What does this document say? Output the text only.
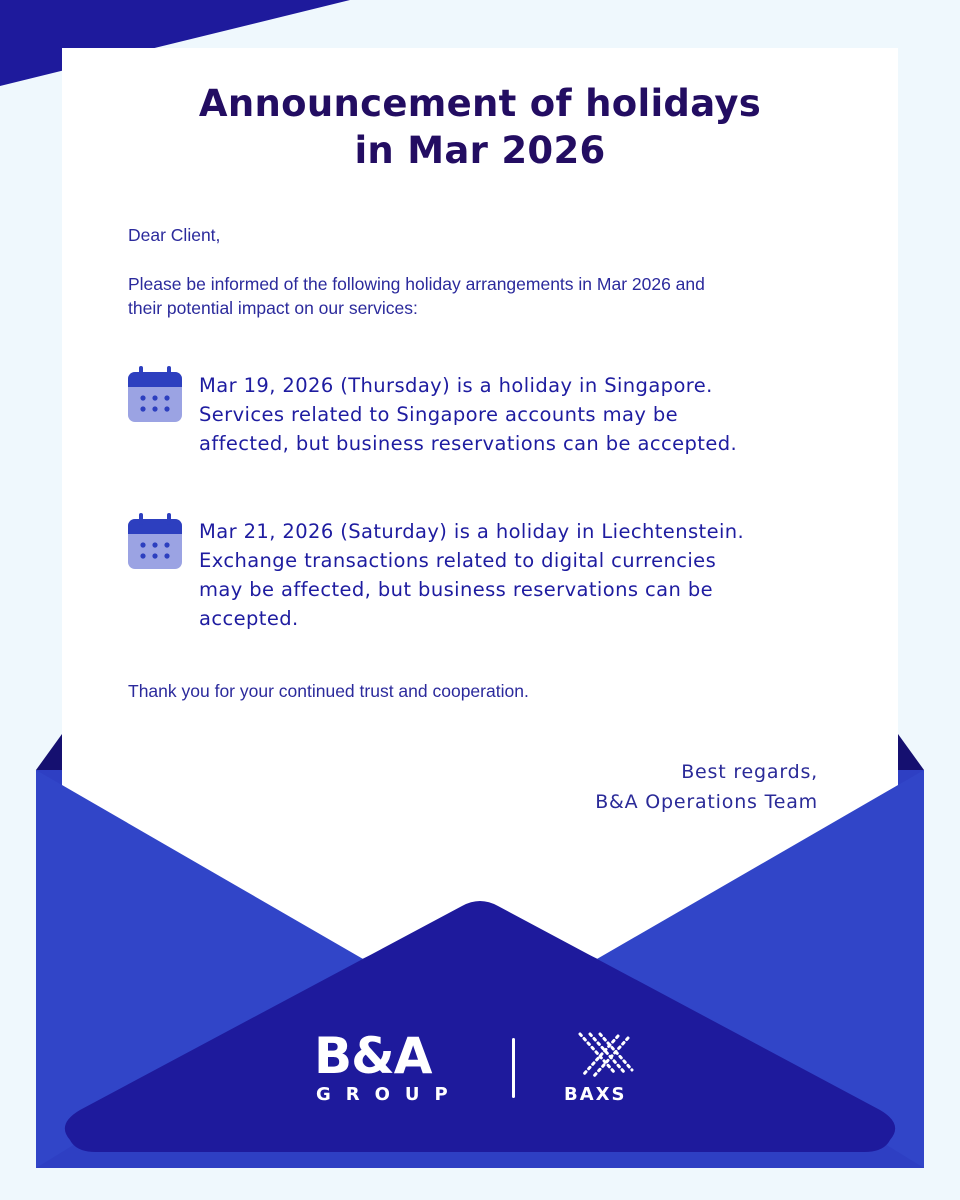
Announcement of holidays
in Mar 2026
Dear Client,
Please be informed of the following holiday arrangements in Mar 2026 and
their potential impact on our services:
Mar 19, 2026 (Thursday) is a holiday in Singapore.
Services related to Singapore accounts may be
affected, but business reservations can be accepted.
Mar 21, 2026 (Saturday) is a holiday in Liechtenstein.
Exchange transactions related to digital currencies
may be affected, but business reservations can be
accepted.
Thank you for your continued trust and cooperation.
Best regards,
B&A Operations Team
B&A
GROUP	BAXS
